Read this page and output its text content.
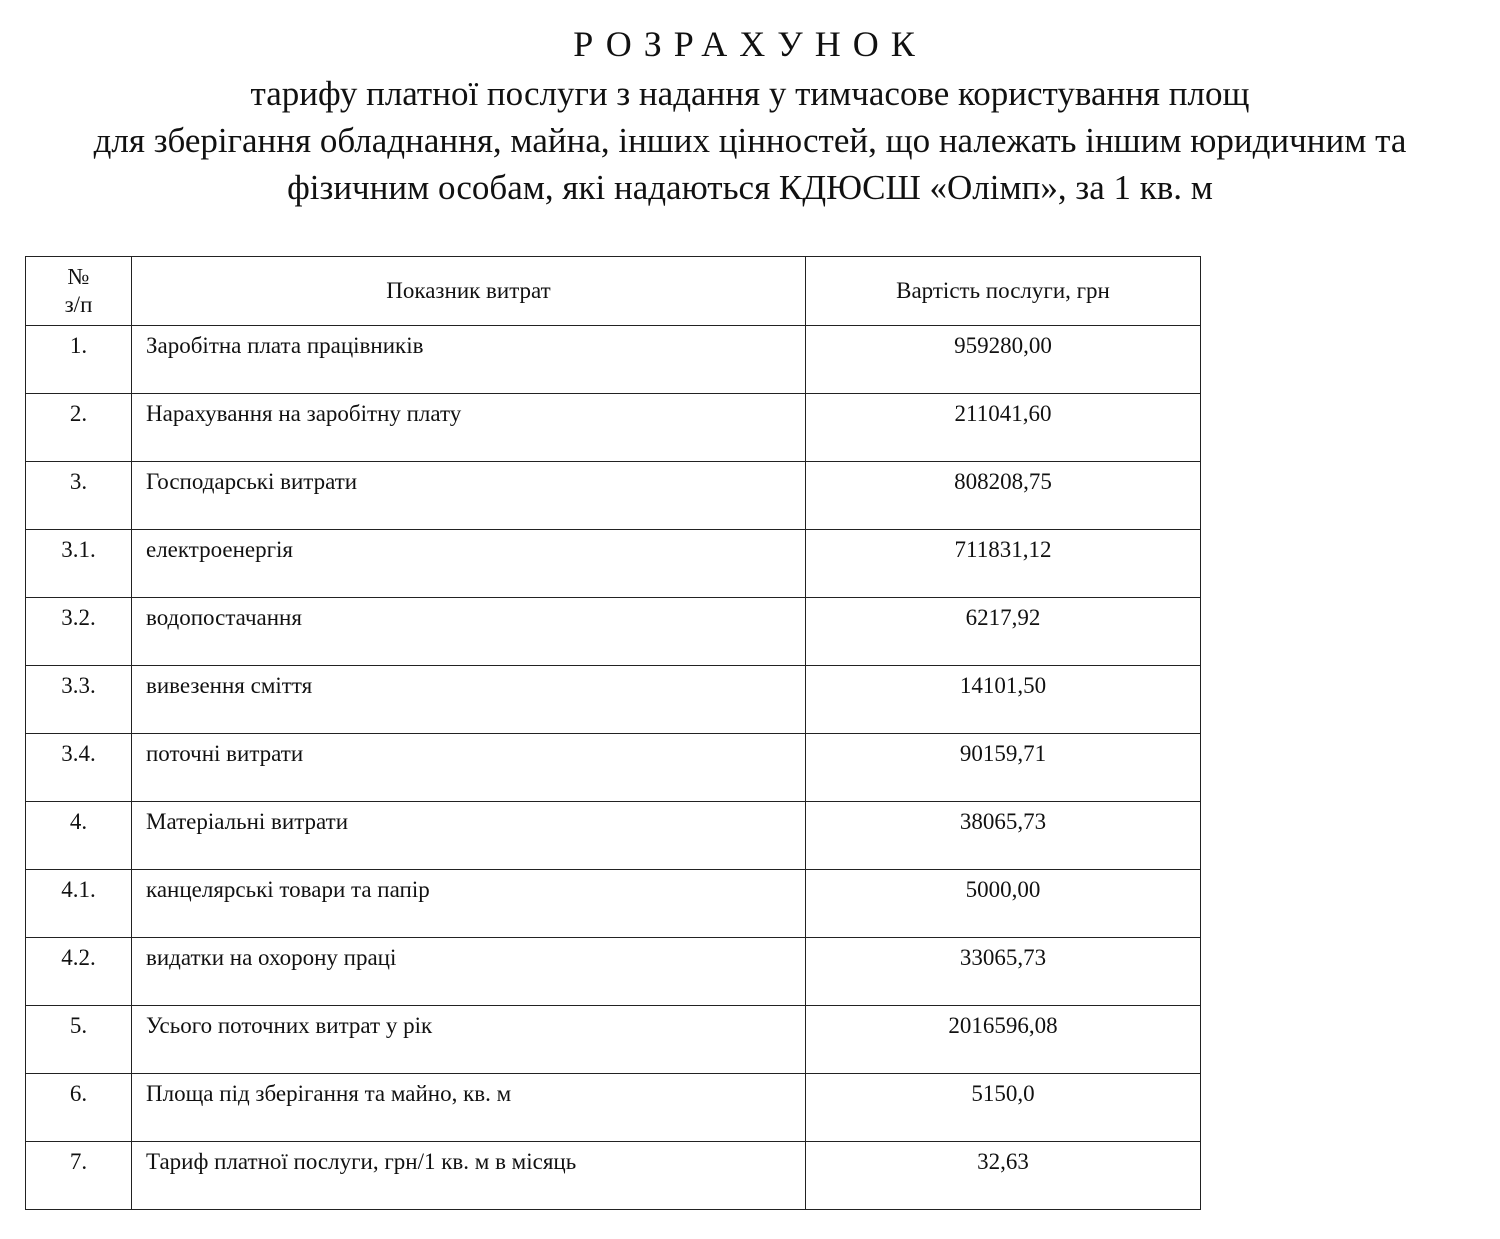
РОЗРАХУНОК
тарифу платної послуги з надання у тимчасове користування площ
для зберігання обладнання, майна, інших цінностей, що належать іншим юридичним та
фізичним особам, які надаються КДЮСШ «Олімп», за 1 кв. м
№
з/п	Показник витрат	Вартість послуги, грн
1.	Заробітна плата працівників	959280,00
2.	Нарахування на заробітну плату	211041,60
3.	Господарські витрати	808208,75
3.1.	електроенергія	711831,12
3.2.	водопостачання	6217,92
3.3.	вивезення сміття	14101,50
3.4.	поточні витрати	90159,71
4.	Матеріальні витрати	38065,73
4.1.	канцелярські товари та папір	5000,00
4.2.	видатки на охорону праці	33065,73
5.	Усього поточних витрат у рік	2016596,08
6.	Площа під зберігання та майно, кв. м	5150,0
7.	Тариф платної послуги, грн/1 кв. м в місяць	32,63
